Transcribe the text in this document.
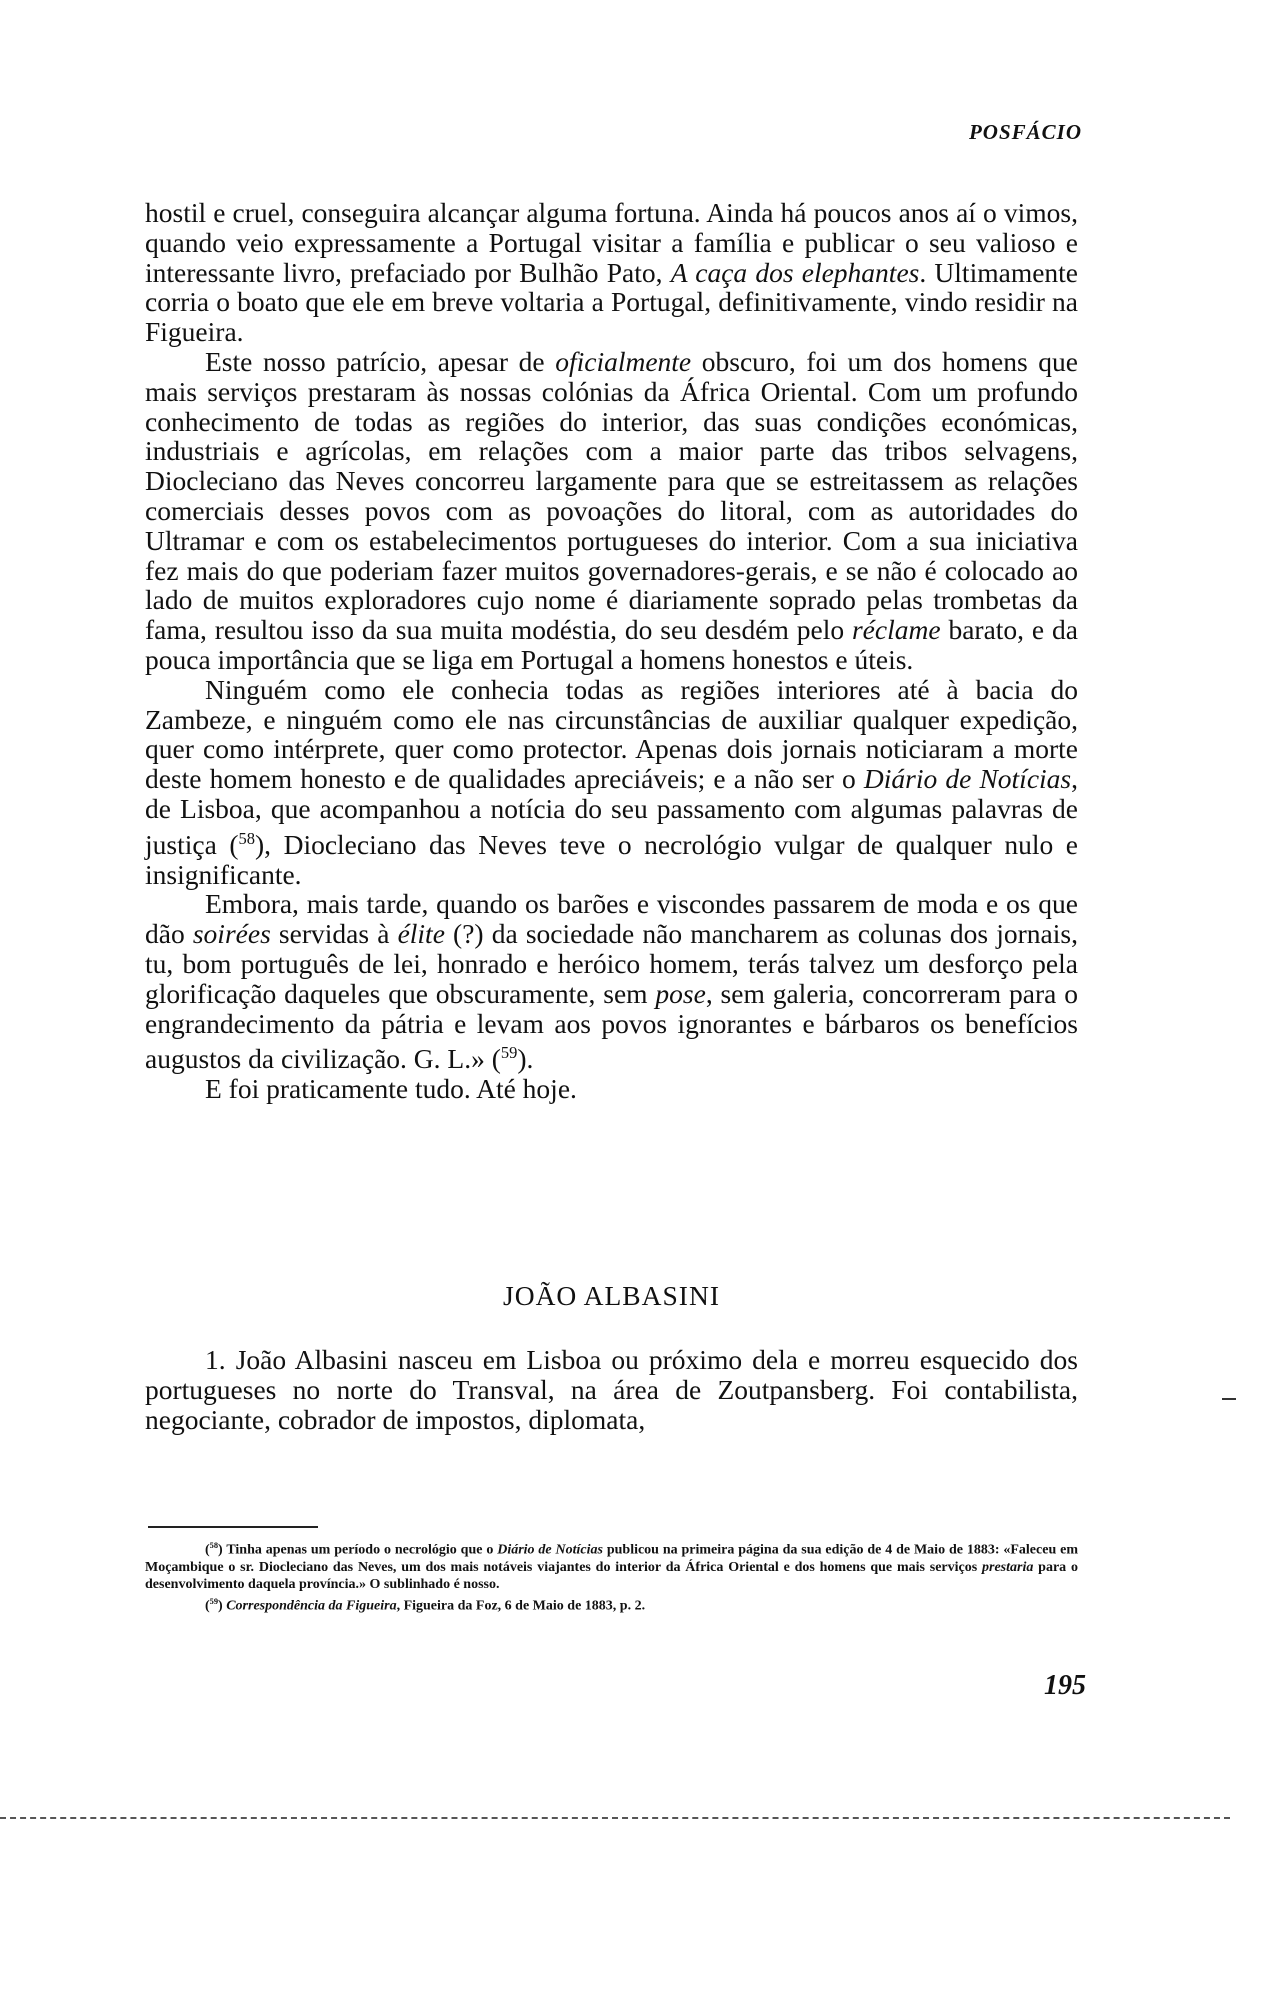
POSFÁCIO

hostil e cruel, conseguira alcançar alguma fortuna. Ainda há poucos anos aí o vimos, quando veio expressamente a Portugal visitar a família e publicar o seu valioso e interessante livro, prefaciado por Bulhão Pato, A caça dos elephantes. Ultimamente corria o boato que ele em breve voltaria a Portugal, definitivamente, vindo residir na Figueira.

Este nosso patrício, apesar de oficialmente obscuro, foi um dos homens que mais serviços prestaram às nossas colónias da África Oriental. Com um profundo conhecimento de todas as regiões do interior, das suas condições económicas, industriais e agrícolas, em relações com a maior parte das tribos selvagens, Diocleciano das Neves concorreu largamente para que se estreitassem as relações comerciais desses povos com as povoações do litoral, com as autoridades do Ultramar e com os estabelecimentos portugueses do interior. Com a sua iniciativa fez mais do que poderiam fazer muitos governadores-gerais, e se não é colocado ao lado de muitos exploradores cujo nome é diariamente soprado pelas trombetas da fama, resultou isso da sua muita modéstia, do seu desdém pelo réclame barato, e da pouca importância que se liga em Portugal a homens honestos e úteis.

Ninguém como ele conhecia todas as regiões interiores até à bacia do Zambeze, e ninguém como ele nas circunstâncias de auxiliar qualquer expedição, quer como intérprete, quer como protector. Apenas dois jornais noticiaram a morte deste homem honesto e de qualidades apreciáveis; e a não ser o Diário de Notícias, de Lisboa, que acompanhou a notícia do seu passamento com algumas palavras de justiça ($^{58}$), Diocleciano das Neves teve o necrológio vulgar de qualquer nulo e insignificante.

Embora, mais tarde, quando os barões e viscondes passarem de moda e os que dão soirées servidas à élite (?) da sociedade não mancharem as colunas dos jornais, tu, bom português de lei, honrado e heróico homem, terás talvez um desforço pela glorificação daqueles que obscuramente, sem pose, sem galeria, concorreram para o engrandecimento da pátria e levam aos povos ignorantes e bárbaros os benefícios augustos da civilização. G. L.» ($^{59}$).

E foi praticamente tudo. Até hoje.

JOÃO ALBASINI

1. João Albasini nasceu em Lisboa ou próximo dela e morreu esquecido dos portugueses no norte do Transval, na área de Zoutpansberg. Foi contabilista, negociante, cobrador de impostos, diplomata,

($^{58}$) Tinha apenas um período o necrológio que o Diário de Notícias publicou na primeira página da sua edição de 4 de Maio de 1883: «Faleceu em Moçambique o sr. Diocleciano das Neves, um dos mais notáveis viajantes do interior da África Oriental e dos homens que mais serviços prestaria para o desenvolvimento daquela província.» O sublinhado é nosso.

($^{59}$) Correspondência da Figueira, Figueira da Foz, 6 de Maio de 1883, p. 2.

195
